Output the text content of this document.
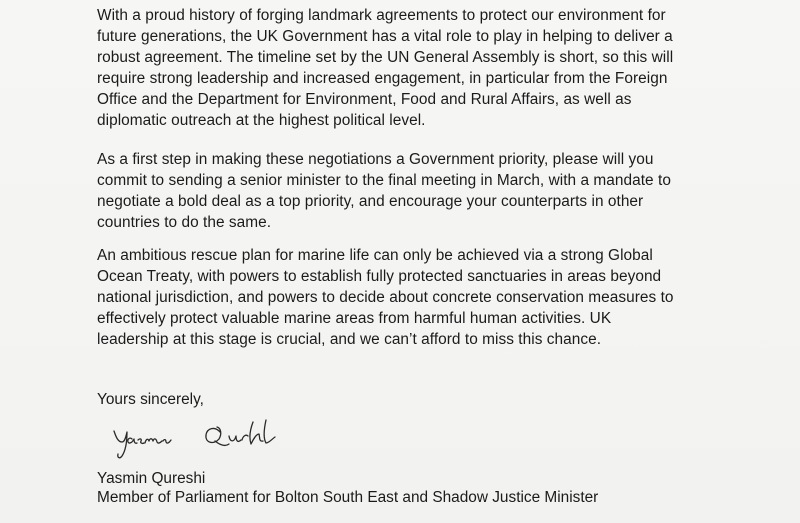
With a proud history of forging landmark agreements to protect our environment for
future generations, the UK Government has a vital role to play in helping to deliver a
robust agreement. The timeline set by the UN General Assembly is short, so this will
require strong leadership and increased engagement, in particular from the Foreign
Office and the Department for Environment, Food and Rural Affairs, as well as
diplomatic outreach at the highest political level.

As a first step in making these negotiations a Government priority, please will you
commit to sending a senior minister to the final meeting in March, with a mandate to
negotiate a bold deal as a top priority, and encourage your counterparts in other
countries to do the same.

An ambitious rescue plan for marine life can only be achieved via a strong Global
Ocean Treaty, with powers to establish fully protected sanctuaries in areas beyond
national jurisdiction, and powers to decide about concrete conservation measures to
effectively protect valuable marine areas from harmful human activities. UK
leadership at this stage is crucial, and we can’t afford to miss this chance.

Yours sincerely,

Yasmin Qureshi

Member of Parliament for Bolton South East and Shadow Justice Minister
